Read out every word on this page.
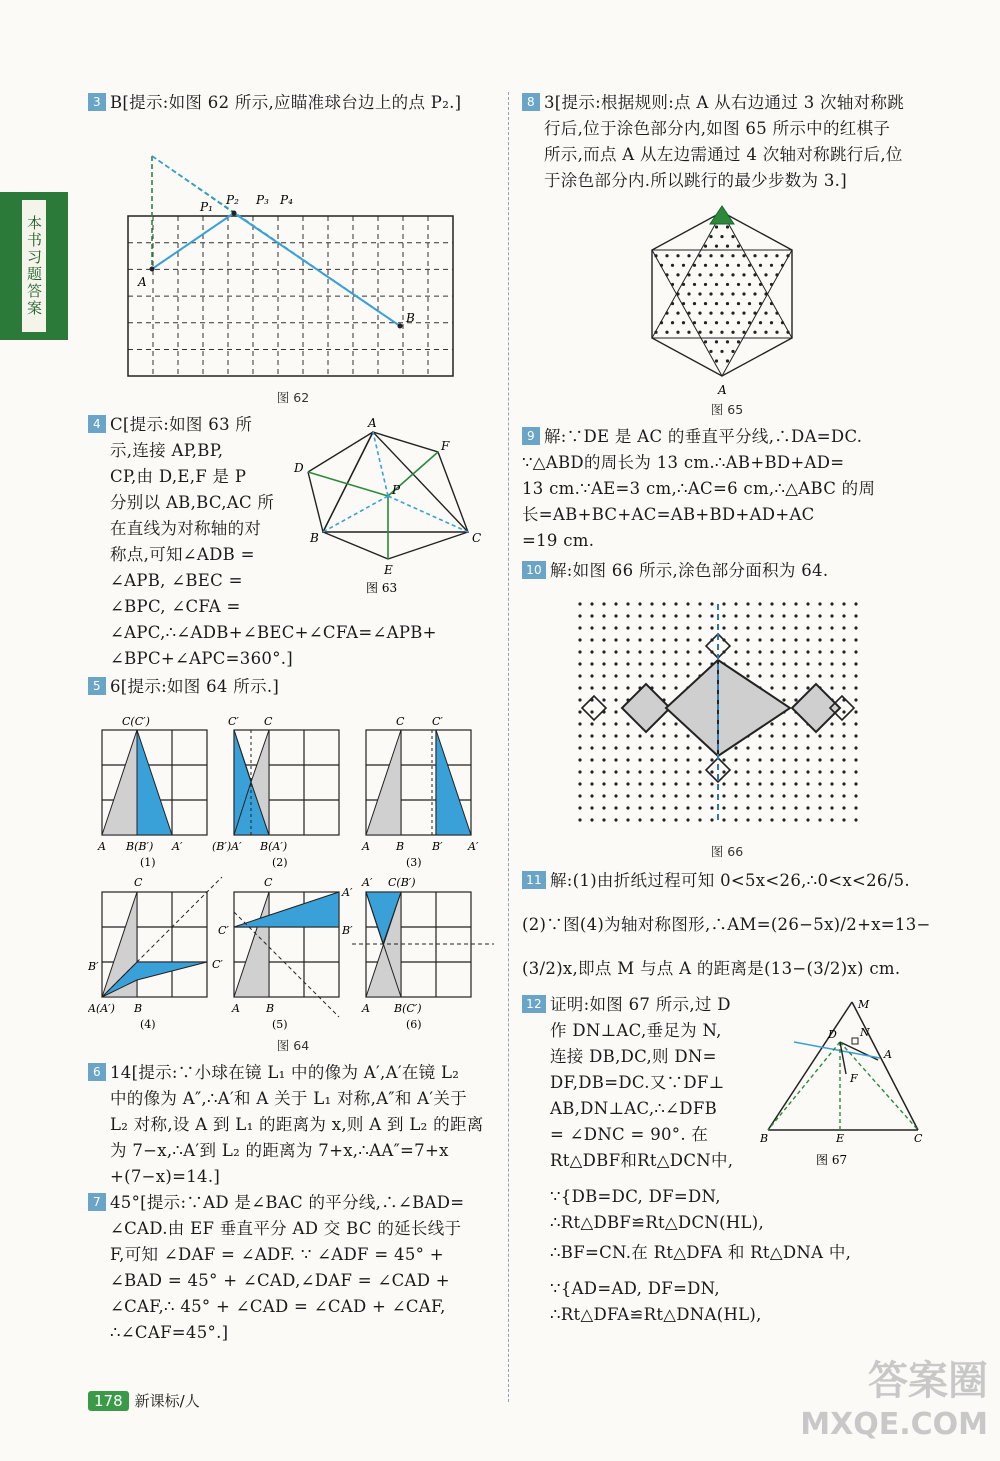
本书习题答案

3 B[提示:如图 62 所示,应瞄准球台边上的点 P₂.]

P₁ P₂ P₃ P₄
A
B
图 62

4 C[提示:如图 63 所

示,连接 AP,BP,

CP,由 D,E,F 是 P

分别以 AB,BC,AC 所

在直线为对称轴的对

称点,可知∠ADB =

∠APB, ∠BEC =

∠BPC, ∠CFA =

∠APC,∴∠ADB+∠BEC+∠CFA=∠APB+

∠BPC+∠APC=360°.]

A
F
D
P
B	C
E
图 63

5 6[提示:如图 64 所示.]

C(C′)
A B(B′) A′
(1)
C′ C
(B′)A′ B(A′)
(2)
C	C′
A B	B′ A′
(3)
C
B′	C′
A(A′) B
(4)
C
A′
C′	B′
A B
(5)
A′ C(B′)
A B(C′)
(6)
图 64

6 14[提示:∵小球在镜 L₁ 中的像为 A′,A′在镜 L₂

中的像为 A″,∴A′和 A 关于 L₁ 对称,A″和 A′关于

L₂ 对称,设 A 到 L₁ 的距离为 x,则 A 到 L₂ 的距离

为 7−x,∴A′到 L₂ 的距离为 7+x,∴AA″=7+x

+(7−x)=14.]

7 45°[提示:∵AD 是∠BAC 的平分线,∴∠BAD=

∠CAD.由 EF 垂直平分 AD 交 BC 的延长线于

F,可知 ∠DAF = ∠ADF. ∵ ∠ADF = 45° +

∠BAD = 45° + ∠CAD,∠DAF = ∠CAD +

∠CAF,∴ 45° + ∠CAD = ∠CAD + ∠CAF,

∴∠CAF=45°.]

8 3[提示:根据规则:点 A 从右边通过 3 次轴对称跳

行后,位于涂色部分内,如图 65 所示中的红棋子

所示,而点 A 从左边需通过 4 次轴对称跳行后,位

于涂色部分内.所以跳行的最少步数为 3.]

A
图 65

9 解:∵DE 是 AC 的垂直平分线,∴DA=DC.

∵△ABD的周长为 13 cm.∴AB+BD+AD=

13 cm.∵AE=3 cm,∴AC=6 cm,∴△ABC 的周

长=AB+BC+AC=AB+BD+AD+AC

=19 cm.

10 解:如图 66 所示,涂色部分面积为 64.

图 66

11 解:(1)由折纸过程可知 0<5x<26,∴0<x<26/5.

(2)∵图(4)为轴对称图形,∴AM=(26−5x)/2+x=13−

(3/2)x,即点 M 与点 A 的距离是(13−(3/2)x) cm.

12 证明:如图 67 所示,过 D

作 DN⊥AC,垂足为 N,

连接 DB,DC,则 DN=

DF,DB=DC.又∵DF⊥

AB,DN⊥AC,∴∠DFB

= ∠DNC = 90°. 在

Rt△DBF和Rt△DCN中,

∵{DB=DC, DF=DN, ∴Rt△DBF≌Rt△DCN(HL),

∴BF=CN.在 Rt△DFA 和 Rt△DNA 中,

∵{AD=AD, DF=DN, ∴Rt△DFA≌Rt△DNA(HL),

M
D N
A
F
B	E	C
图 67
178 新课标/人	答案圈
MXQE.COM
